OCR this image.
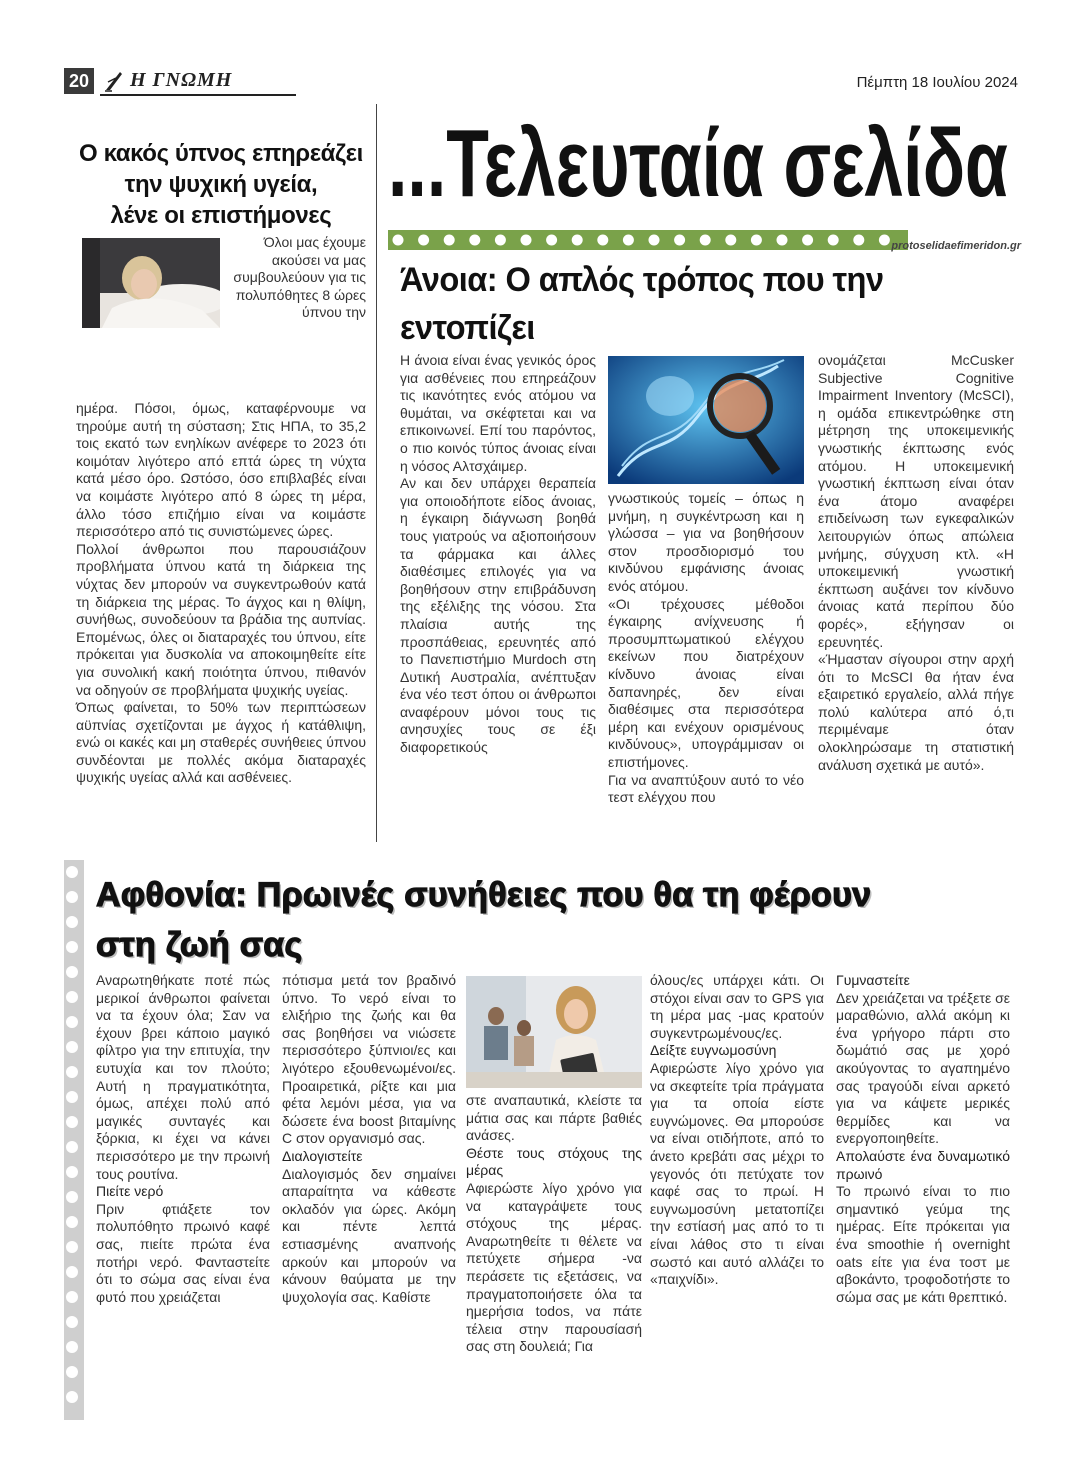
20 Η ΓΝΩΜΗ	Πέμπτη 18 Ιουλίου 2024
Ο κακός ύπνος επηρεάζει
την ψυχική υγεία,
λένε οι επιστήμονες
Όλοι μας έχουμε ακούσει να μας συμβουλεύουν για τις πολυπόθητες 8 ώρες ύπνου την

ημέρα. Πόσοι, όμως, καταφέρνουμε να τηρούμε αυτή τη σύσταση; Στις ΗΠΑ, το 35,2 τοις εκατό των ενηλίκων ανέφερε το 2023 ότι κοιμόταν λιγότερο από επτά ώρες τη νύχτα κατά μέσο όρο. Ωστόσο, όσο επιβλαβές είναι να κοιμάστε λιγότερο από 8 ώρες τη μέρα, άλλο τόσο επιζήμιο είναι να κοιμάστε περισσότερο από τις συνιστώμενες ώρες.

Πολλοί άνθρωποι που παρουσιάζουν προβλήματα ύπνου κατά τη διάρκεια της νύχτας δεν μπορούν να συγκεντρωθούν κατά τη διάρκεια της μέρας. Το άγχος και η θλίψη, συνήθως, συνοδεύουν τα βράδια της αυπνίας. Επομένως, όλες οι διαταραχές του ύπνου, είτε πρόκειται για δυσκολία να αποκοιμηθείτε είτε για συνολική κακή ποιότητα ύπνου, πιθανόν να οδηγούν σε προβλήματα ψυχικής υγείας.

Όπως φαίνεται, το 50% των περιπτώσεων αϋπνίας σχετίζονται με άγχος ή κατάθλιψη, ενώ οι κακές και μη σταθερές συνήθειες ύπνου συνδέονται με πολλές ακόμα διαταραχές ψυχικής υγείας αλλά και ασθένειες.

...Τελευταία σελίδα
protoselidaefimeridon.gr
Άνοια: Ο απλός τρόπος που την εντοπίζει

Η άνοια είναι ένας γενικός όρος για ασθένειες που επηρεάζουν τις ικανότητες ενός ατόμου να θυμάται, να σκέφτεται και να επικοινωνεί. Επί του παρόντος, ο πιο κοινός τύπος άνοιας είναι η νόσος Αλτσχάιμερ.

Αν και δεν υπάρχει θεραπεία για οποιοδήποτε είδος άνοιας, η έγκαιρη διάγνωση βοηθά τους γιατρούς να αξιοποιήσουν τα φάρμακα και άλλες διαθέσιμες επιλογές για να βοηθήσουν στην επιβράδυνση της εξέλιξης της νόσου. Στα πλαίσια αυτής της προσπάθειας, ερευνητές από το Πανεπιστήμιο Murdoch στη Δυτική Αυστραλία, ανέπτυξαν ένα νέο τεστ όπου οι άνθρωποι αναφέρουν μόνοι τους τις ανησυχίες τους σε έξι διαφορετικούς

γνωστικούς τομείς – όπως η μνήμη, η συγκέντρωση και η γλώσσα – για να βοηθήσουν στον προσδιορισμό του κινδύνου εμφάνισης άνοιας ενός ατόμου.

«Οι τρέχουσες μέθοδοι έγκαιρης ανίχνευσης ή προσυμπτωματικού ελέγχου εκείνων που διατρέχουν κίνδυνο άνοιας είναι δαπανηρές, δεν είναι διαθέσιμες στα περισσότερα μέρη και ενέχουν ορισμένους κινδύνους», υπογράμμισαν οι επιστήμονες.

Για να αναπτύξουν αυτό το νέο τεστ ελέγχου που

ονομάζεται McCusker Subjective Cognitive Impairment Inventory (McSCI), η ομάδα επικεντρώθηκε στη μέτρηση της υποκειμενικής γνωστικής έκπτωσης ενός ατόμου. Η υποκειμενική γνωστική έκπτωση είναι όταν ένα άτομο αναφέρει επιδείνωση των εγκεφαλικών λειτουργιών όπως απώλεια μνήμης, σύγχυση κτλ. «Η υποκειμενική γνωστική έκπτωση αυξάνει τον κίνδυνο άνοιας κατά περίπου δύο φορές», εξήγησαν οι ερευνητές.

«Ήμασταν σίγουροι στην αρχή ότι το McSCI θα ήταν ένα εξαιρετικό εργαλείο, αλλά πήγε πολύ καλύτερα από ό,τι περιμέναμε όταν ολοκληρώσαμε τη στατιστική ανάλυση σχετικά με αυτό».

Αφθονία: Πρωινές συνήθειες που θα τη φέρουν
στη ζωή σας

Αναρωτηθήκατε ποτέ πώς μερικοί άνθρωποι φαίνεται να τα έχουν όλα; Σαν να έχουν βρει κάποιο μαγικό φίλτρο για την επιτυχία, την ευτυχία και τον πλούτο; Αυτή η πραγματικότητα, όμως, απέχει πολύ από μαγικές συνταγές και ξόρκια, κι έχει να κάνει περισσότερο με την πρωινή τους ρουτίνα.

Πιείτε νερό

Πριν φτιάξετε τον πολυπόθητο πρωινό καφέ σας, πιείτε πρώτα ένα ποτήρι νερό. Φανταστείτε ότι το σώμα σας είναι ένα φυτό που χρειάζεται

πότισμα μετά τον βραδινό ύπνο. Το νερό είναι το ελιξήριο της ζωής και θα σας βοηθήσει να νιώσετε περισσότερο ξύπνιοι/ες και λιγότερο εξουθενωμένοι/ες. Προαιρετικά, ρίξτε και μια φέτα λεμόνι μέσα, για να δώσετε ένα boost βιταμίνης C στον οργανισμό σας.

Διαλογιστείτε

Διαλογισμός δεν σημαίνει απαραίτητα να κάθεστε οκλαδόν για ώρες. Ακόμη και πέντε λεπτά εστιασμένης αναπνοής αρκούν και μπορούν να κάνουν θαύματα με την ψυχολογία σας. Καθίστε

στε αναπαυτικά, κλείστε τα μάτια σας και πάρτε βαθιές ανάσες.

Θέστε τους στόχους της μέρας

Αφιερώστε λίγο χρόνο για να καταγράψετε τους στόχους της μέρας. Αναρωτηθείτε τι θέλετε να πετύχετε σήμερα -να περάσετε τις εξετάσεις, να πραγματοποιήσετε όλα τα ημερήσια todos, να πάτε τέλεια στην παρουσίασή σας στη δουλειά; Για

όλους/ες υπάρχει κάτι. Οι στόχοι είναι σαν το GPS για τη μέρα μας -μας κρατούν συγκεντρωμένους/ες.

Δείξτε ευγνωμοσύνη

Αφιερώστε λίγο χρόνο για να σκεφτείτε τρία πράγματα για τα οποία είστε ευγνώμονες. Θα μπορούσε να είναι οτιδήποτε, από το άνετο κρεβάτι σας μέχρι το γεγονός ότι πετύχατε τον καφέ σας το πρωί. Η ευγνωμοσύνη μετατοπίζει την εστίασή μας από το τι είναι λάθος στο τι είναι σωστό και αυτό αλλάζει το «παιχνίδι».

Γυμναστείτε

Δεν χρειάζεται να τρέξετε σε μαραθώνιο, αλλά ακόμη κι ένα γρήγορο πάρτι στο δωμάτιό σας με χορό ακούγοντας το αγαπημένο σας τραγούδι είναι αρκετό για να κάψετε μερικές θερμίδες και να ενεργοποιηθείτε.

Απολαύστε ένα δυναμωτικό πρωινό

Το πρωινό είναι το πιο σημαντικό γεύμα της ημέρας. Είτε πρόκειται για ένα smoothie ή overnight oats είτε για ένα τοστ με αβοκάντο, τροφοδοτήστε το σώμα σας με κάτι θρεπτικό.
